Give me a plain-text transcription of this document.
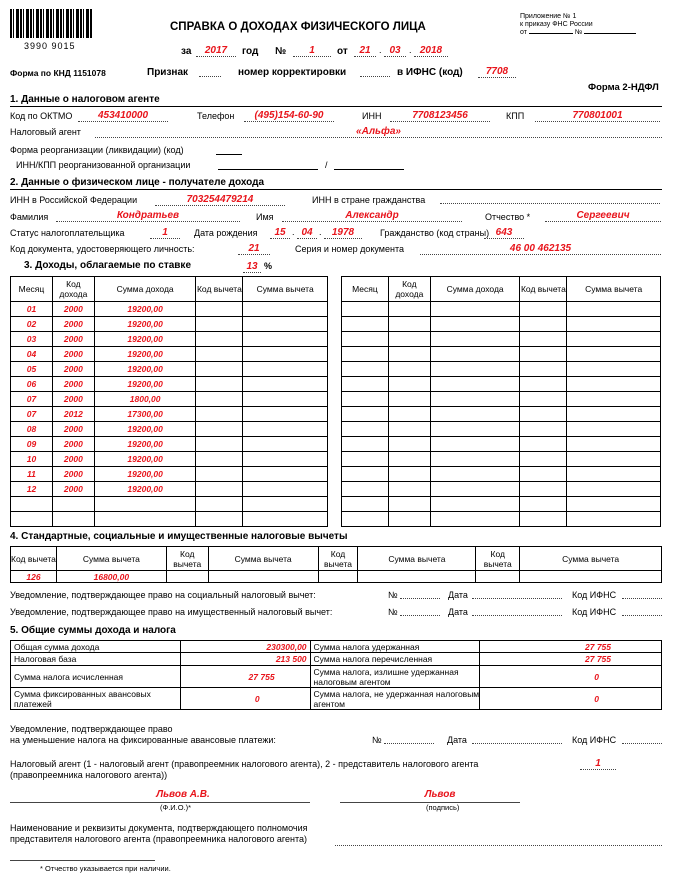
3990 9015
СПРАВКА О ДОХОДАХ ФИЗИЧЕСКОГО ЛИЦА
Приложение № 1
к приказу ФНС России
от	№
за	2017	год №	1	от	21 . 03 . 2018
Форма по КНД 1151078	Признак	номер корректировки	в ИФНС (код)	7708
Форма 2-НДФЛ
1. Данные о налоговом агенте
Код по ОКТМО	453410000	Телефон	(495)154-60-90	ИНН	7708123456	КПП	770801001
Налоговый агент	«Альфа»
Форма реорганизации (ликвидации) (код)
ИНН/КПП реорганизованной организации	/
2. Данные о физическом лице - получателе дохода
ИНН в Российской Федерации	703254479214	ИНН в стране гражданства
Фамилия	Кондратьев	Имя	Александр	Отчество *	Сергеевич
Статус налогоплательщика	1	Дата рождения	15 . 04 .	1978	Гражданство (код страны) 643
Код документа, удостоверяющего личность:	21	Серия и номер документа	46 00 462135
3. Доходы, облагаемые по ставке	13 %
Месяц	Код дохода	Сумма дохода	Код вычета	Сумма вычета
01	2000	19200,00		
02	2000	19200,00		
03	2000	19200,00		
04	2000	19200,00		
05	2000	19200,00		
06	2000	19200,00		
07	2000	1800,00		
07	2012	17300,00		
08	2000	19200,00		
09	2000	19200,00		
10	2000	19200,00		
11	2000	19200,00		
12	2000	19200,00		

Месяц	Код дохода	Сумма дохода	Код вычета	Сумма вычета

4. Стандартные, социальные и имущественные налоговые вычеты
Код вычета	Сумма вычета	Код вычета	Сумма вычета	Код вычета	Сумма вычета	Код вычета	Сумма вычета
126	16800,00						
Уведомление, подтверждающее право на социальный налоговый вычет:
Уведомление, подтверждающее право на имущественный налоговый вычет:
№	Дата	Код ИФНС
№	Дата	Код ИФНС
5. Общие суммы дохода и налога
Общая сумма дохода	230300,00	Сумма налога удержанная	27 755
Налоговая база	213 500	Сумма налога перечисленная	27 755
Сумма налога исчисленная	27 755	Сумма налога, излишне удержанная налоговым агентом	0
Сумма фиксированных авансовых платежей	0	Сумма налога, не удержанная налоговым агентом	0
Уведомление, подтверждающее право
на уменьшение налога на фиксированные авансовые платежи:	№	Дата	Код ИФНС
Налоговый агент (1 - налоговый агент (правопреемник налогового агента), 2 - представитель налогового агента
(правопреемника налогового агента))
1
Львов А.В.
(Ф.И.О.)*
Львов
(подпись)
Наименование и реквизиты документа, подтверждающего полномочия
представителя налогового агента (правопреемника налогового агента)
* Отчество указывается при наличии.
